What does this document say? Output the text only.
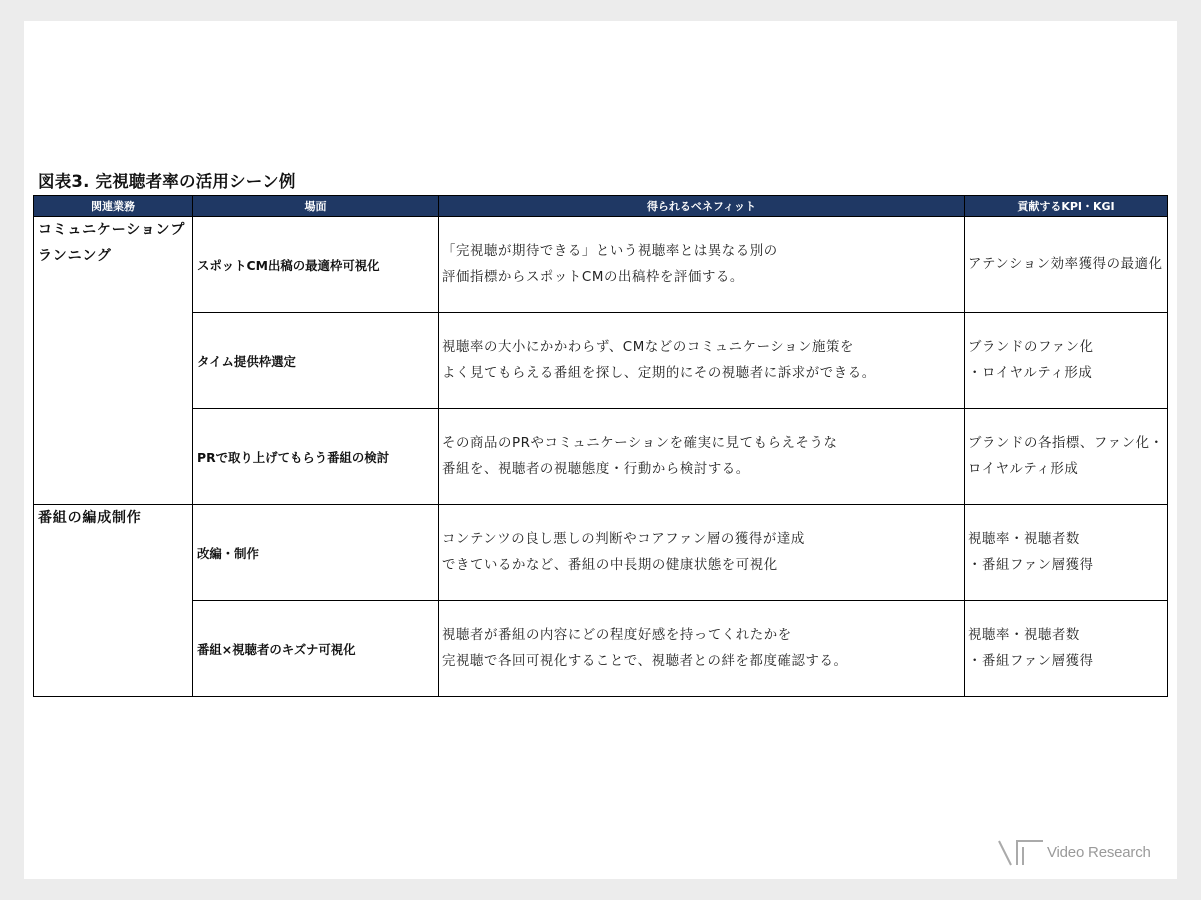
図表3. 完視聴者率の活用シーン例
関連業務	場面	得られるベネフィット	貢献するKPI・KGI

コミュニケーションプランニング	スポットCM出稿の最適枠可視化	「完視聴が期待できる」という視聴率とは異なる別の
評価指標からスポットCMの出稿枠を評価する。	アテンション効率獲得の最適化

	タイム提供枠選定	視聴率の大小にかかわらず、CMなどのコミュニケーション施策を
よく見てもらえる番組を探し、定期的にその視聴者に訴求ができる。	ブランドのファン化
・ロイヤルティ形成

	PRで取り上げてもらう番組の検討	その商品のPRやコミュニケーションを確実に見てもらえそうな
番組を、視聴者の視聴態度・行動から検討する。	ブランドの各指標、ファン化・ロイヤルティ形成

番組の編成制作	改編・制作	コンテンツの良し悪しの判断やコアファン層の獲得が達成
できているかなど、番組の中長期の健康状態を可視化	視聴率・視聴者数
・番組ファン層獲得

	番組×視聴者のキズナ可視化	視聴者が番組の内容にどの程度好感を持ってくれたかを
完視聴で各回可視化することで、視聴者との絆を都度確認する。	視聴率・視聴者数
・番組ファン層獲得
Video Research
